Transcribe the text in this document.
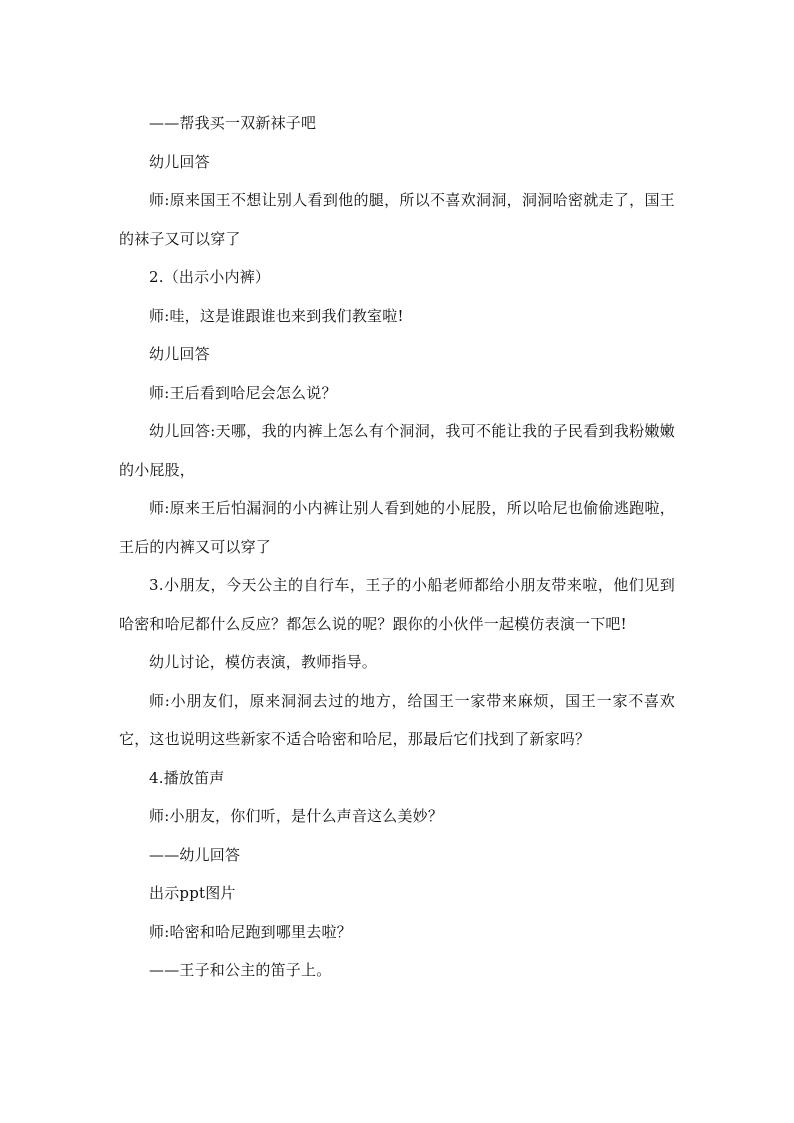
——帮我买一双新袜子吧

幼儿回答

师:原来国王不想让别人看到他的腿，所以不喜欢洞洞，洞洞哈密就走了，国王的袜子又可以穿了

2.（出示小内裤）

师:哇，这是谁跟谁也来到我们教室啦!

幼儿回答

师:王后看到哈尼会怎么说？

幼儿回答:天哪，我的内裤上怎么有个洞洞，我可不能让我的子民看到我粉嫩嫩的小屁股，

师:原来王后怕漏洞的小内裤让别人看到她的小屁股，所以哈尼也偷偷逃跑啦，王后的内裤又可以穿了

3.小朋友，今天公主的自行车，王子的小船老师都给小朋友带来啦，他们见到哈密和哈尼都什么反应？都怎么说的呢？跟你的小伙伴一起模仿表演一下吧!

幼儿讨论，模仿表演，教师指导。

师:小朋友们，原来洞洞去过的地方，给国王一家带来麻烦，国王一家不喜欢它，这也说明这些新家不适合哈密和哈尼，那最后它们找到了新家吗？

4.播放笛声

师:小朋友，你们听，是什么声音这么美妙？

——幼儿回答

出示ppt图片

师:哈密和哈尼跑到哪里去啦？

——王子和公主的笛子上。
